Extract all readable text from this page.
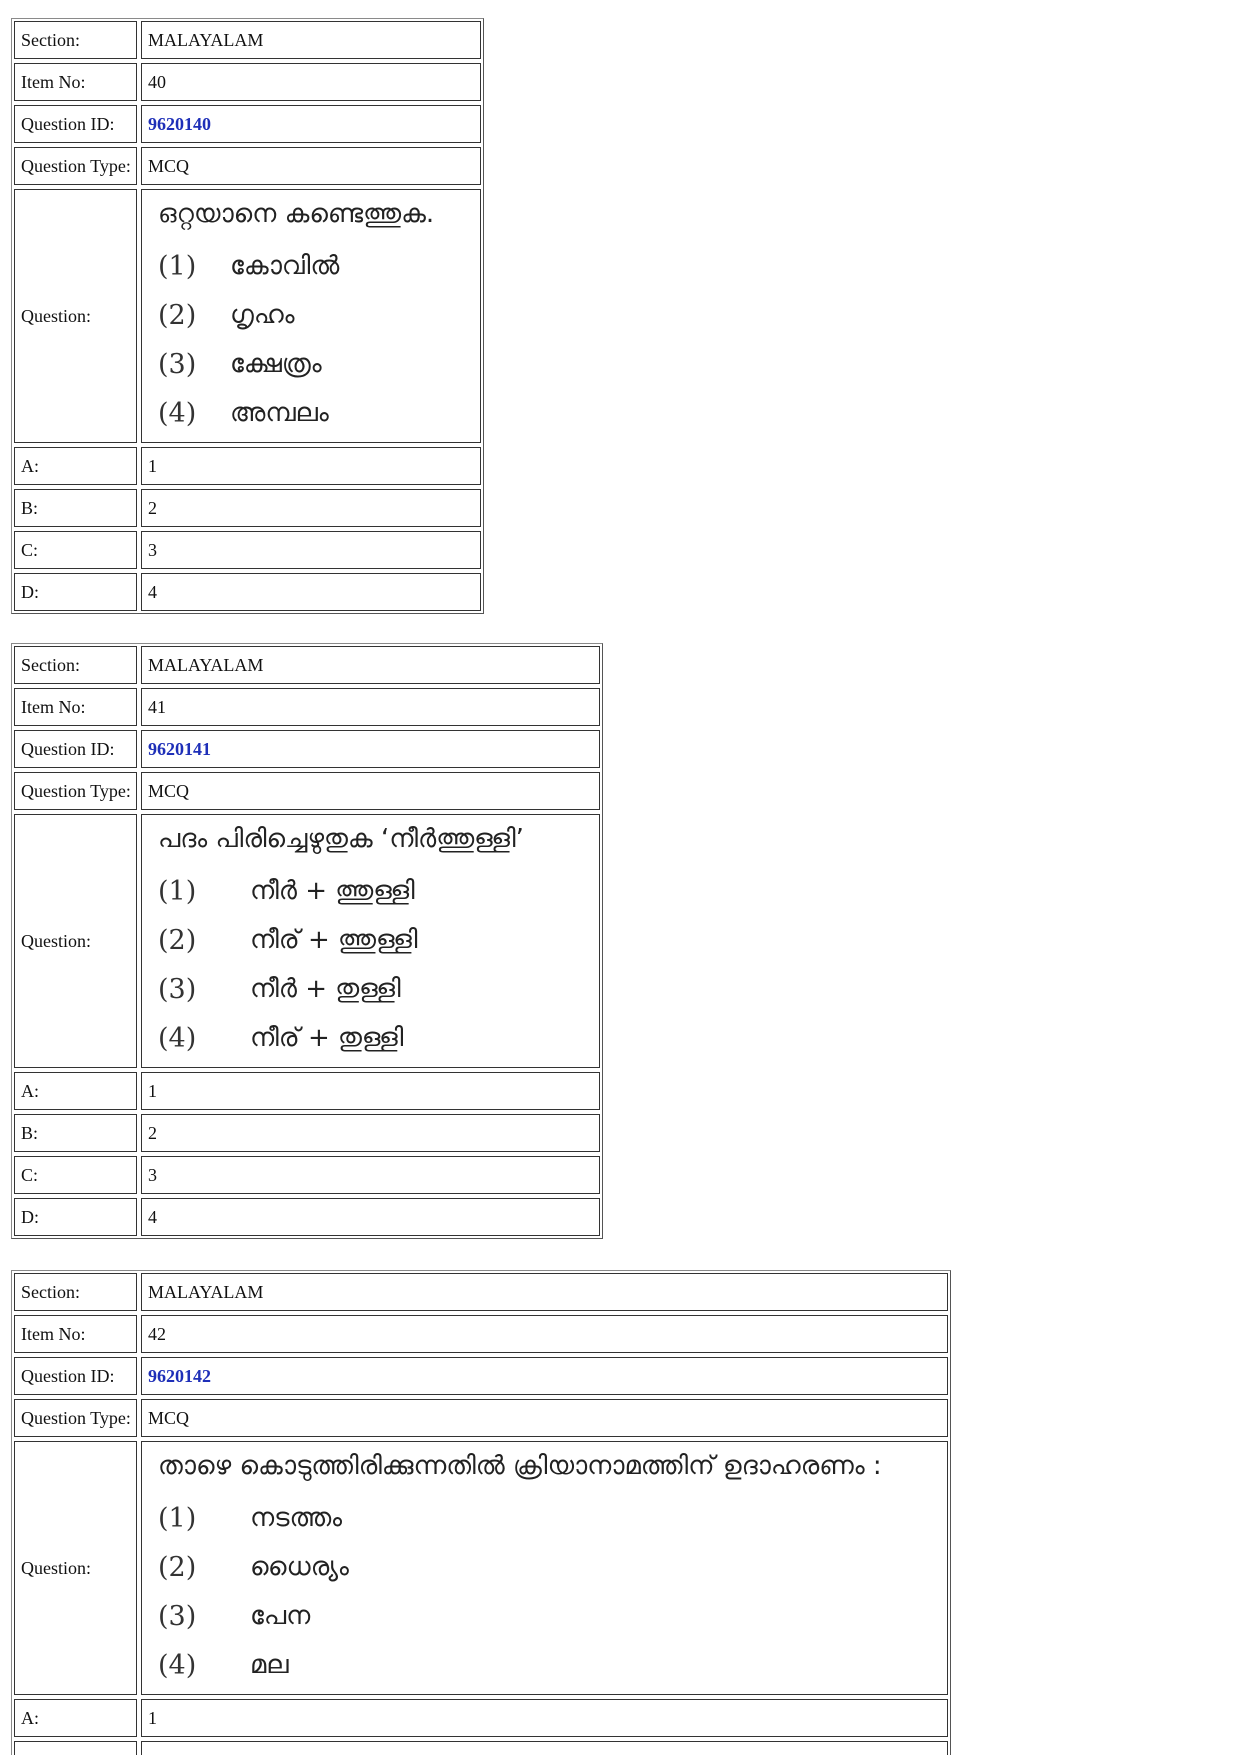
Section:	MALAYALAM
Item No:	40
Question ID:	9620140
Question Type: MCQ
Question:
ഒറ്റയാനെ കണ്ടെത്തുക.
(1)	കോവിൽ
(2)	ഗൃഹം
(3)	ക്ഷേത്രം
(4)	അമ്പലം
A:	1
B:	2
C:	3
D:	4
Section:	MALAYALAM
Item No:	41
Question ID:	9620141
Question Type: MCQ
Question:
പദം പിരിച്ചെഴുതുക ‘നീർത്തുള്ളി’
(1)	നീർ + ത്തുള്ളി
(2)	നീര് + ത്തുള്ളി
(3)	നീർ + തുള്ളി
(4)	നീര് + തുള്ളി
A:	1
B:	2
C:	3
D:	4
Section:	MALAYALAM
Item No:	42
Question ID:	9620142
Question Type: MCQ
Question:
താഴെ കൊടുത്തിരിക്കുന്നതിൽ ക്രിയാനാമത്തിന് ഉദാഹരണം :
(1)	നടത്തം
(2)	ധൈര്യം
(3)	പേന
(4)	മല
A:	1
